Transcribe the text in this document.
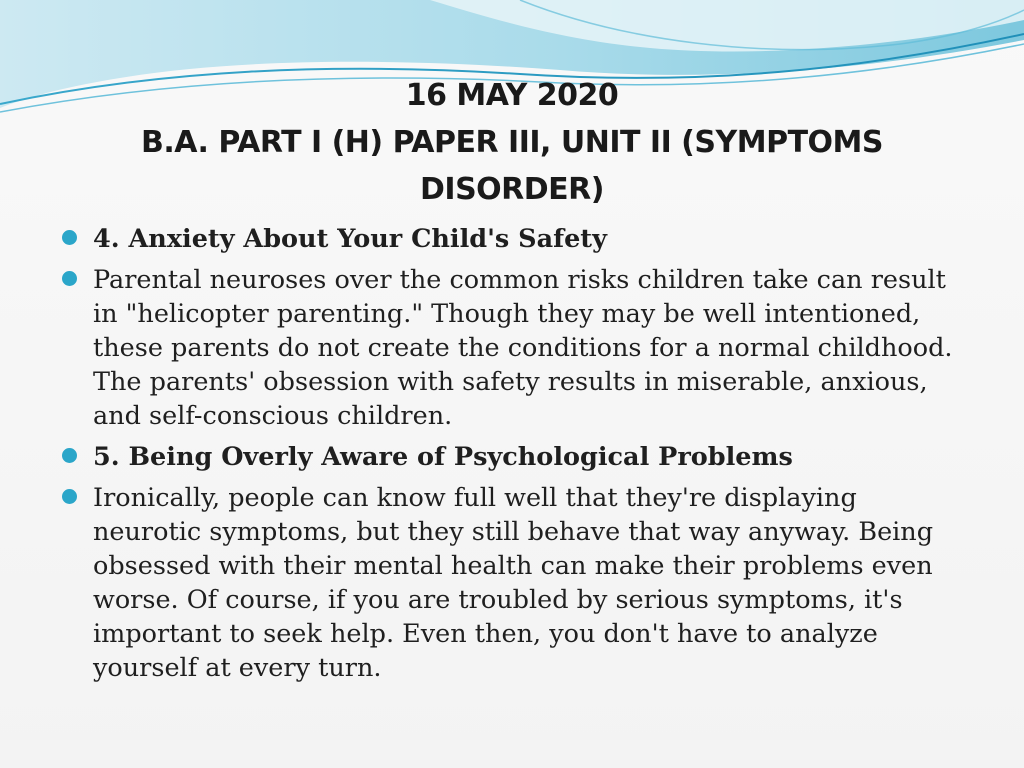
16 MAY 2020
B.A. PART I (H) PAPER III, UNIT II (SYMPTOMS
DISORDER)
4. Anxiety About Your Child's Safety
Parental neuroses over the common risks children take can result in "helicopter parenting." Though they may be well intentioned, these parents do not create the conditions for a normal childhood. The parents' obsession with safety results in miserable, anxious, and self-conscious children.
5. Being Overly Aware of Psychological Problems
Ironically, people can know full well that they're displaying neurotic symptoms, but they still behave that way anyway. Being obsessed with their mental health can make their problems even worse. Of course, if you are troubled by serious symptoms, it's important to seek help. Even then, you don't have to analyze yourself at every turn.
